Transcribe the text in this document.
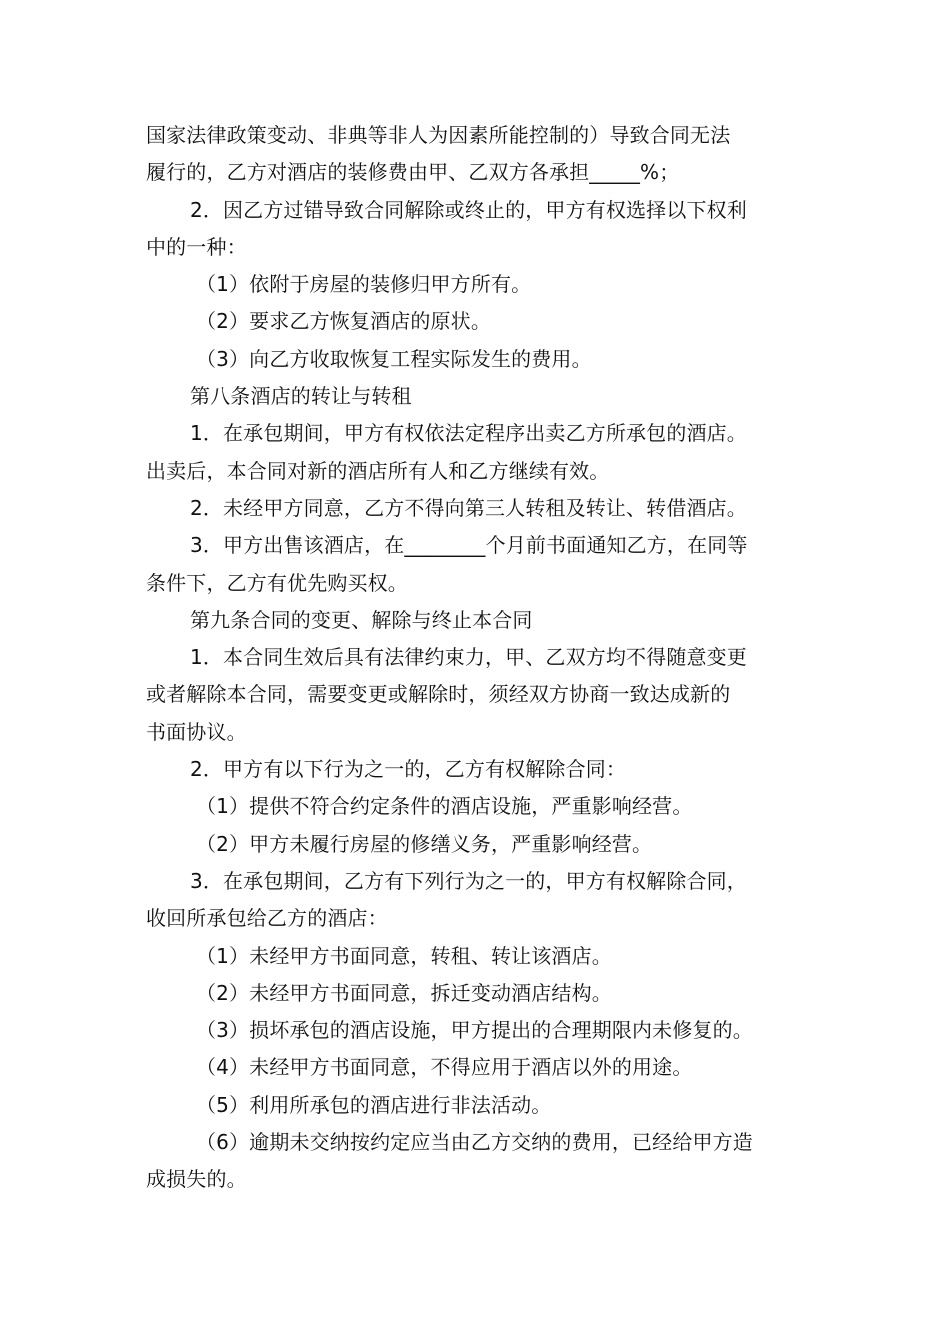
国家法律政策变动、非典等非人为因素所能控制的）导致合同无法
履行的，乙方对酒店的装修费由甲、乙双方各承担_____%；
2．因乙方过错导致合同解除或终止的，甲方有权选择以下权利
中的一种：
（1）依附于房屋的装修归甲方所有。
（2）要求乙方恢复酒店的原状。
（3）向乙方收取恢复工程实际发生的费用。
第八条酒店的转让与转租
1．在承包期间，甲方有权依法定程序出卖乙方所承包的酒店。
出卖后，本合同对新的酒店所有人和乙方继续有效。
2．未经甲方同意，乙方不得向第三人转租及转让、转借酒店。
3．甲方出售该酒店，在________个月前书面通知乙方，在同等
条件下，乙方有优先购买权。
第九条合同的变更、解除与终止本合同
1．本合同生效后具有法律约束力，甲、乙双方均不得随意变更
或者解除本合同，需要变更或解除时，须经双方协商一致达成新的
书面协议。
2．甲方有以下行为之一的，乙方有权解除合同：
（1）提供不符合约定条件的酒店设施，严重影响经营。
（2）甲方未履行房屋的修缮义务，严重影响经营。
3．在承包期间，乙方有下列行为之一的，甲方有权解除合同，
收回所承包给乙方的酒店：
（1）未经甲方书面同意，转租、转让该酒店。
（2）未经甲方书面同意，拆迁变动酒店结构。
（3）损坏承包的酒店设施，甲方提出的合理期限内未修复的。
（4）未经甲方书面同意，不得应用于酒店以外的用途。
（5）利用所承包的酒店进行非法活动。
（6）逾期未交纳按约定应当由乙方交纳的费用，已经给甲方造
成损失的。
